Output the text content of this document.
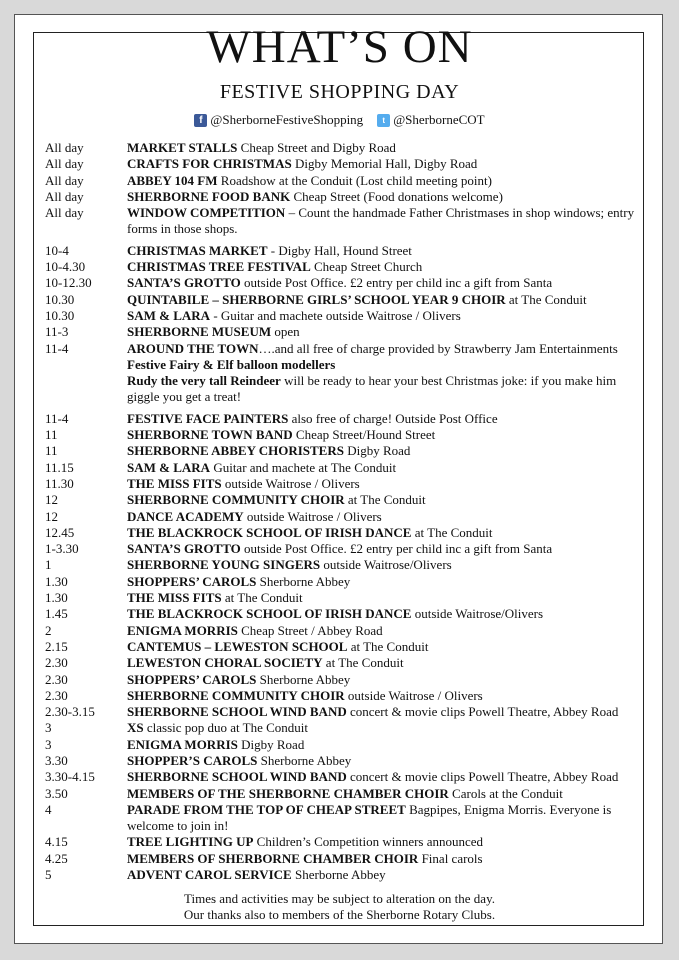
WHAT’S ON
FESTIVE SHOPPING DAY
f @SherborneFestiveShopping t @SherborneCOT
All day	MARKET STALLS Cheap Street and Digby Road
All day	CRAFTS FOR CHRISTMAS Digby Memorial Hall, Digby Road
All day	ABBEY 104 FM Roadshow at the Conduit (Lost child meeting point)
All day	SHERBORNE FOOD BANK Cheap Street (Food donations welcome)
All day	WINDOW COMPETITION – Count the handmade Father Christmases in shop windows; entry forms in those shops.
10-4	CHRISTMAS MARKET - Digby Hall, Hound Street
10-4.30	CHRISTMAS TREE FESTIVAL Cheap Street Church
10-12.30	SANTA’S GROTTO outside Post Office. £2 entry per child inc a gift from Santa
10.30	QUINTABILE – SHERBORNE GIRLS’ SCHOOL YEAR 9 CHOIR at The Conduit
10.30	SAM & LARA - Guitar and machete outside Waitrose / Olivers
11-3	SHERBORNE MUSEUM open
11-4	AROUND THE TOWN….and all free of charge provided by Strawberry Jam Entertainments
Festive Fairy & Elf balloon modellers
Rudy the very tall Reindeer will be ready to hear your best Christmas joke: if you make him giggle you get a treat!
11-4	FESTIVE FACE PAINTERS also free of charge! Outside Post Office
11	SHERBORNE TOWN BAND Cheap Street/Hound Street
11	SHERBORNE ABBEY CHORISTERS Digby Road
11.15	SAM & LARA Guitar and machete at The Conduit
11.30	THE MISS FITS outside Waitrose / Olivers
12	SHERBORNE COMMUNITY CHOIR at The Conduit
12	DANCE ACADEMY outside Waitrose / Olivers
12.45	THE BLACKROCK SCHOOL OF IRISH DANCE at The Conduit
1-3.30	SANTA’S GROTTO outside Post Office. £2 entry per child inc a gift from Santa
1	SHERBORNE YOUNG SINGERS outside Waitrose/Olivers
1.30	SHOPPERS’ CAROLS Sherborne Abbey
1.30	THE MISS FITS at The Conduit
1.45	THE BLACKROCK SCHOOL OF IRISH DANCE outside Waitrose/Olivers
2	ENIGMA MORRIS Cheap Street / Abbey Road
2.15	CANTEMUS – LEWESTON SCHOOL at The Conduit
2.30	LEWESTON CHORAL SOCIETY at The Conduit
2.30	SHOPPERS’ CAROLS Sherborne Abbey
2.30	SHERBORNE COMMUNITY CHOIR outside Waitrose / Olivers
2.30-3.15	SHERBORNE SCHOOL WIND BAND concert & movie clips Powell Theatre, Abbey Road
3	XS classic pop duo at The Conduit
3	ENIGMA MORRIS Digby Road
3.30	SHOPPER’S CAROLS Sherborne Abbey
3.30-4.15	SHERBORNE SCHOOL WIND BAND concert & movie clips Powell Theatre, Abbey Road
3.50	MEMBERS OF THE SHERBORNE CHAMBER CHOIR Carols at the Conduit
4	PARADE FROM THE TOP OF CHEAP STREET Bagpipes, Enigma Morris. Everyone is welcome to join in!
4.15	TREE LIGHTING UP Children’s Competition winners announced
4.25	MEMBERS OF SHERBORNE CHAMBER CHOIR Final carols
5	ADVENT CAROL SERVICE Sherborne Abbey
Times and activities may be subject to alteration on the day.
Our thanks also to members of the Sherborne Rotary Clubs.
